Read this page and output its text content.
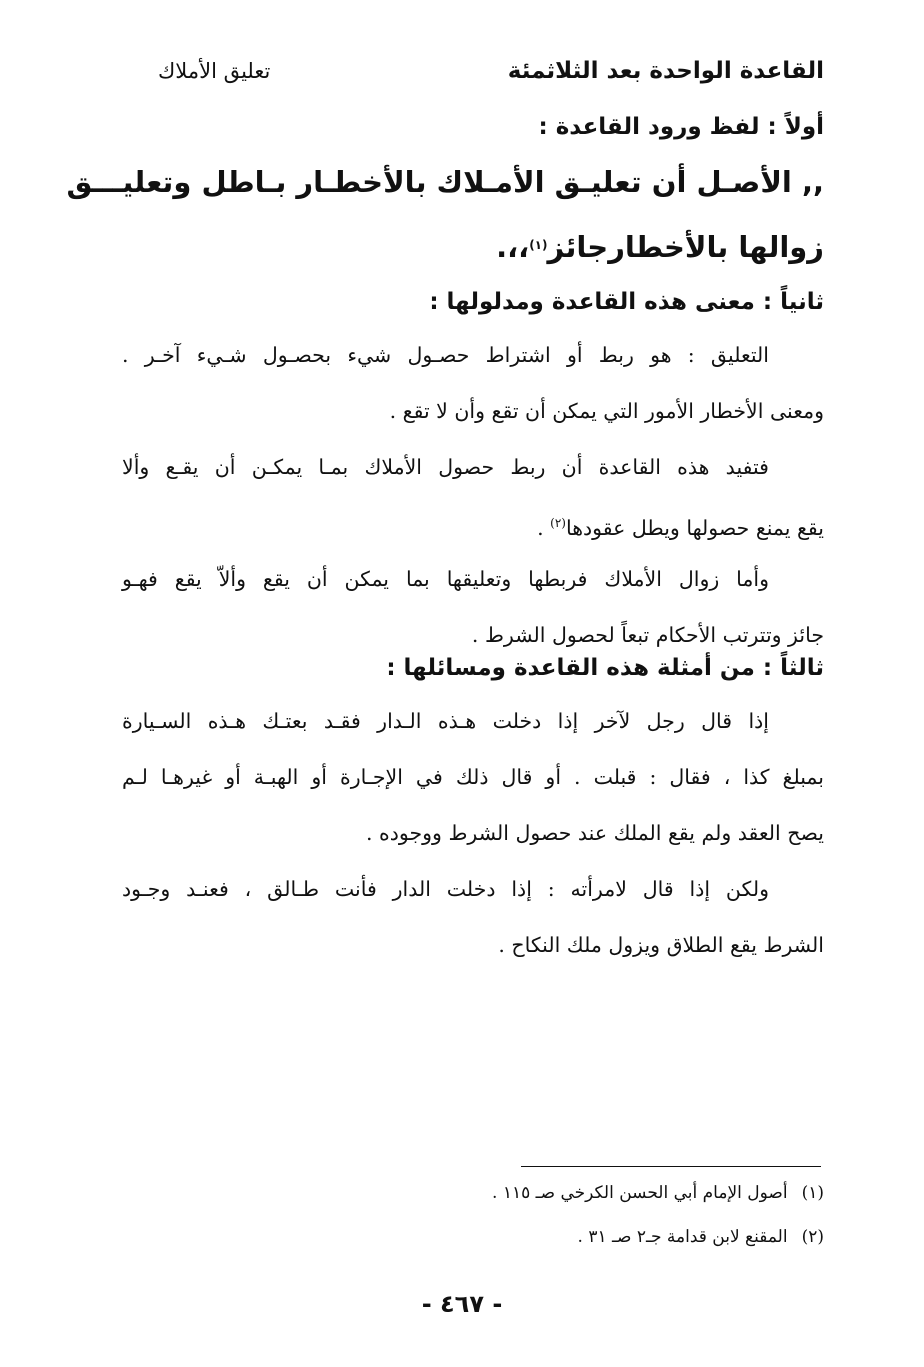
القاعدة الواحدة بعد الثلاثمئة
تعليق الأملاك
أولاً : لفظ ورود القاعدة :
,, الأصـل أن تعليـق الأمـلاك بالأخطـار بـاطل وتعليـــق
زوالها بالأخطارجائز$^{(١)}$،،.
ثانياً : معنى هذه القاعدة ومدلولها :
التعليق : هو ربط أو اشتراط حصـول شيء بحصـول شـيء آخـر .
ومعنى الأخطار الأمور التي يمكن أن تقع وأن لا تقع .
فتفيد هذه القاعدة أن ربط حصول الأملاك بمـا يمكـن أن يقـع وألا
يقع يمنع حصولها ويطل عقودها$^{(٢)}$ .
وأما زوال الأملاك فربطها وتعليقها بما يمكن أن يقع وألاّ يقع فهـو
جائز وتترتب الأحكام تبعاً لحصول الشرط .
ثالثاً : من أمثلة هذه القاعدة ومسائلها :
إذا قال رجل لآخر إذا دخلت هـذه الـدار فقـد بعتـك هـذه السـيارة
بمبلغ كذا ، فقال : قبلت . أو قال ذلك في الإجـارة أو الهبـة أو غيرهـا لـم
يصح العقد ولم يقع الملك عند حصول الشرط ووجوده .
ولكن إذا قال لامرأته : إذا دخلت الدار فأنت طـالق ، فعنـد وجـود
الشرط يقع الطلاق ويزول ملك النكاح .
(١)أصول الإمام أبي الحسن الكرخي صـ ١١٥ .
(٢)المقنع لابن قدامة جـ٢ صـ ٣١ .
- ٤٦٧ -
